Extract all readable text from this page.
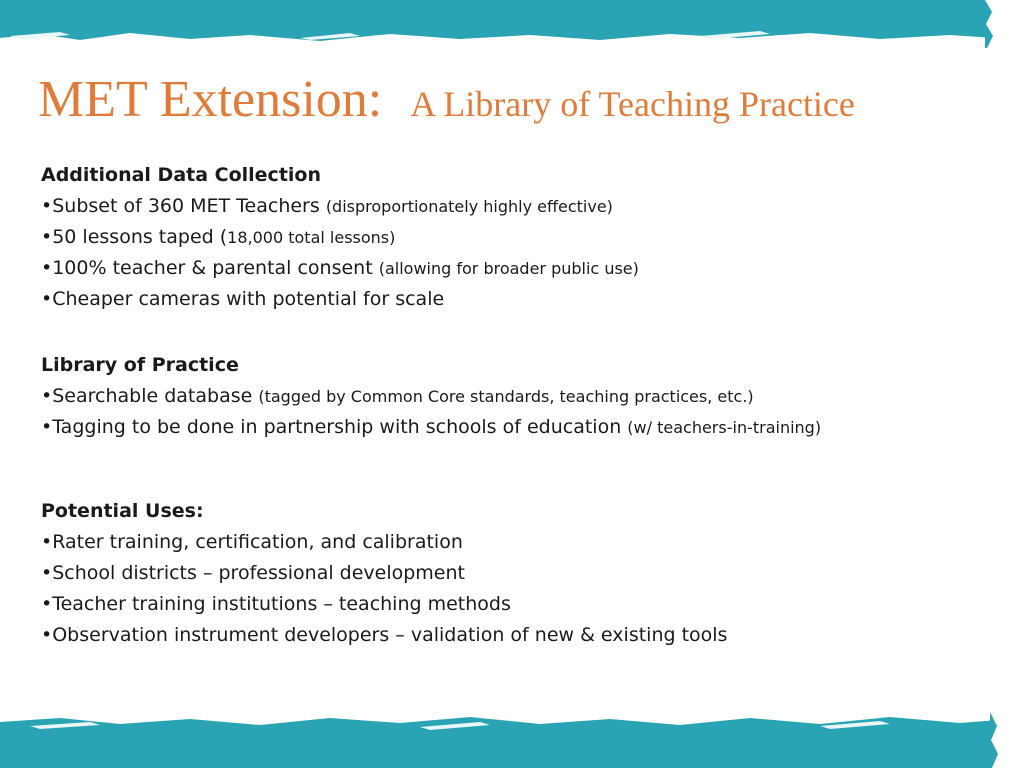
MET Extension: A Library of Teaching Practice
Additional Data Collection
•Subset of 360 MET Teachers (disproportionately highly effective)
•50 lessons taped (18,000 total lessons)
•100% teacher & parental consent (allowing for broader public use)
•Cheaper cameras with potential for scale
Library of Practice
•Searchable database (tagged by Common Core standards, teaching practices, etc.)
•Tagging to be done in partnership with schools of education (w/ teachers-in-training)
Potential Uses:
•Rater training, certification, and calibration
•School districts – professional development
•Teacher training institutions – teaching methods
•Observation instrument developers – validation of new & existing tools
